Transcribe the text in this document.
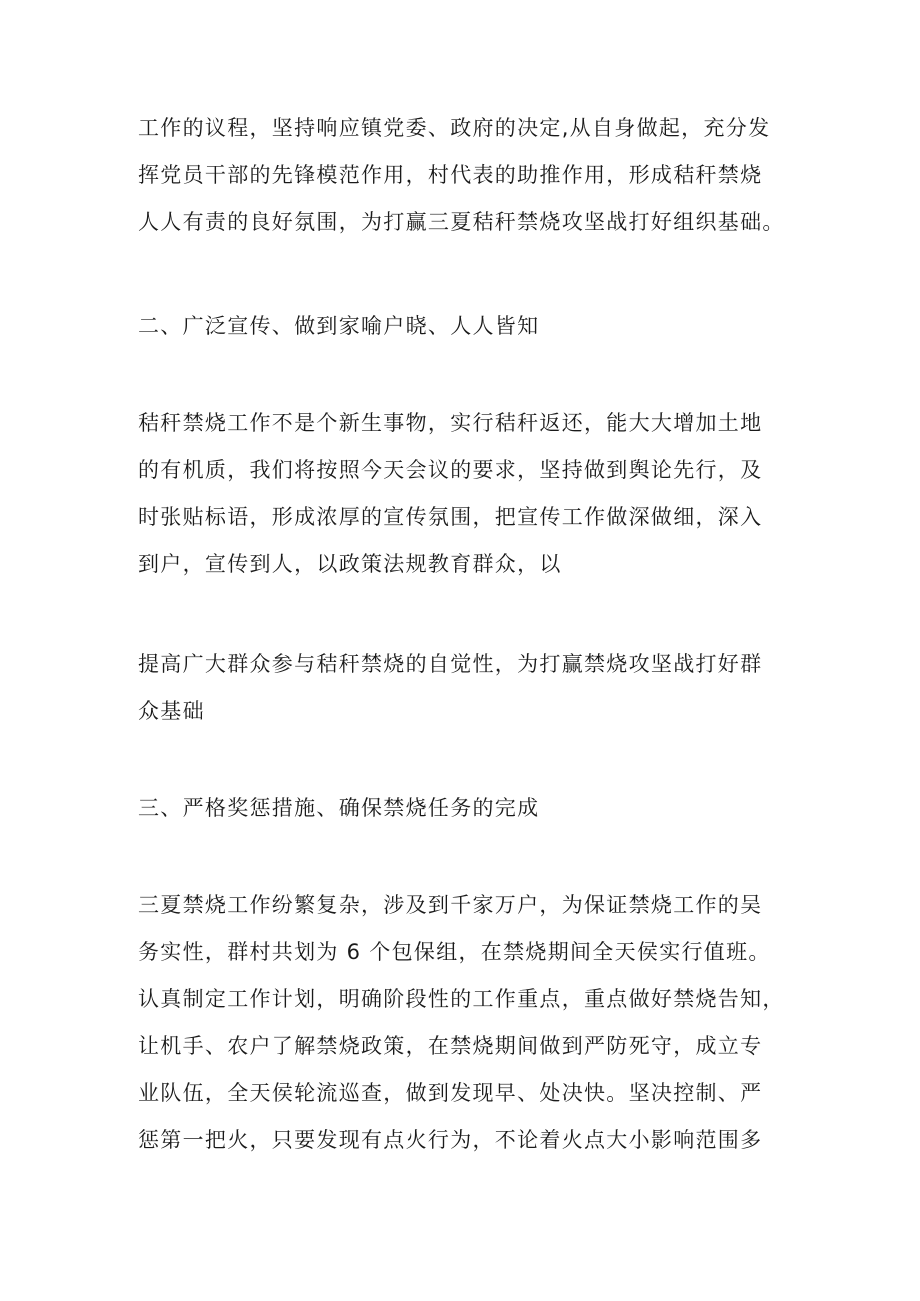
工作的议程，坚持响应镇党委、政府的决定,从自身做起，充分发
挥党员干部的先锋模范作用，村代表的助推作用，形成秸秆禁烧
人人有责的良好氛围，为打赢三夏秸秆禁烧攻坚战打好组织基础。
二、广泛宣传、做到家喻户晓、人人皆知
秸秆禁烧工作不是个新生事物，实行秸秆返还，能大大增加土地
的有机质，我们将按照今天会议的要求，坚持做到舆论先行，及
时张贴标语，形成浓厚的宣传氛围，把宣传工作做深做细，深入
到户，宣传到人，以政策法规教育群众，以
提高广大群众参与秸秆禁烧的自觉性，为打赢禁烧攻坚战打好群
众基础
三、严格奖惩措施、确保禁烧任务的完成
三夏禁烧工作纷繁复杂，涉及到千家万户，为保证禁烧工作的吴
务实性，群村共划为 6 个包保组，在禁烧期间全天侯实行值班。
认真制定工作计划，明确阶段性的工作重点，重点做好禁烧告知，
让机手、农户了解禁烧政策，在禁烧期间做到严防死守，成立专
业队伍，全天侯轮流巡查，做到发现早、处决快。坚决控制、严
惩第一把火，只要发现有点火行为，不论着火点大小影响范围多
